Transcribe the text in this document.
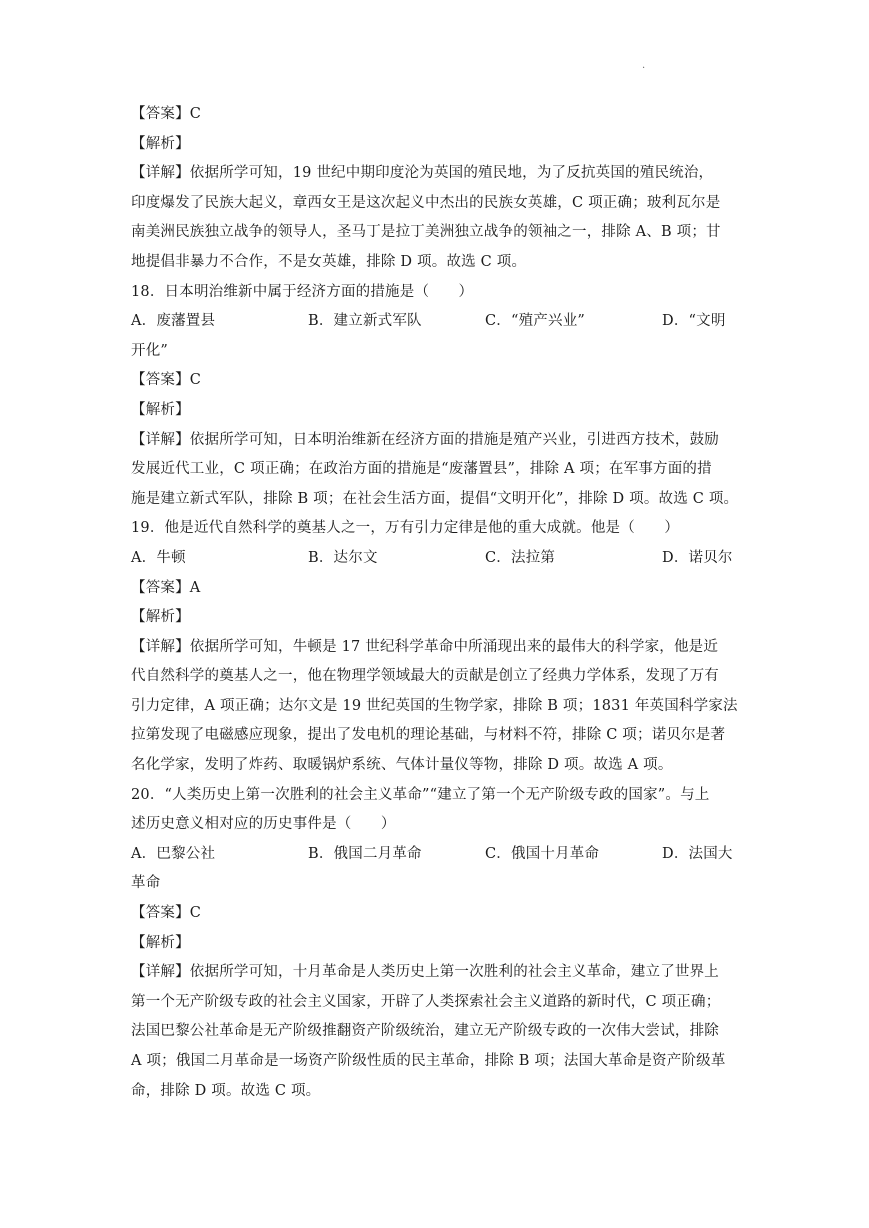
.
【答案】C
【解析】
【详解】依据所学可知，19 世纪中期印度沦为英国的殖民地，为了反抗英国的殖民统治，
印度爆发了民族大起义，章西女王是这次起义中杰出的民族女英雄，C 项正确；玻利瓦尔是
南美洲民族独立战争的领导人，圣马丁是拉丁美洲独立战争的领袖之一，排除 A、B 项；甘
地提倡非暴力不合作，不是女英雄，排除 D 项。故选 C 项。
18．日本明治维新中属于经济方面的措施是（　　）
A．废藩置县	B．建立新式军队	C．“殖产兴业”	D．“文明
开化”
【答案】C
【解析】
【详解】依据所学可知，日本明治维新在经济方面的措施是殖产兴业，引进西方技术，鼓励
发展近代工业，C 项正确；在政治方面的措施是“废藩置县”，排除 A 项；在军事方面的措
施是建立新式军队，排除 B 项；在社会生活方面，提倡“文明开化”，排除 D 项。故选 C 项。
19．他是近代自然科学的奠基人之一，万有引力定律是他的重大成就。他是（　　）
A．牛顿	B．达尔文	C．法拉第	D．诺贝尔
【答案】A
【解析】
【详解】依据所学可知，牛顿是 17 世纪科学革命中所涌现出来的最伟大的科学家，他是近
代自然科学的奠基人之一，他在物理学领域最大的贡献是创立了经典力学体系，发现了万有
引力定律，A 项正确；达尔文是 19 世纪英国的生物学家，排除 B 项；1831 年英国科学家法
拉第发现了电磁感应现象，提出了发电机的理论基础，与材料不符，排除 C 项；诺贝尔是著
名化学家，发明了炸药、取暖锅炉系统、气体计量仪等物，排除 D 项。故选 A 项。
20．“人类历史上第一次胜利的社会主义革命”“建立了第一个无产阶级专政的国家”。与上
述历史意义相对应的历史事件是（　　）
A．巴黎公社	B．俄国二月革命	C．俄国十月革命	D．法国大
革命
【答案】C
【解析】
【详解】依据所学可知，十月革命是人类历史上第一次胜利的社会主义革命，建立了世界上
第一个无产阶级专政的社会主义国家，开辟了人类探索社会主义道路的新时代，C 项正确；
法国巴黎公社革命是无产阶级推翻资产阶级统治，建立无产阶级专政的一次伟大尝试，排除
A 项；俄国二月革命是一场资产阶级性质的民主革命，排除 B 项；法国大革命是资产阶级革
命，排除 D 项。故选 C 项。
